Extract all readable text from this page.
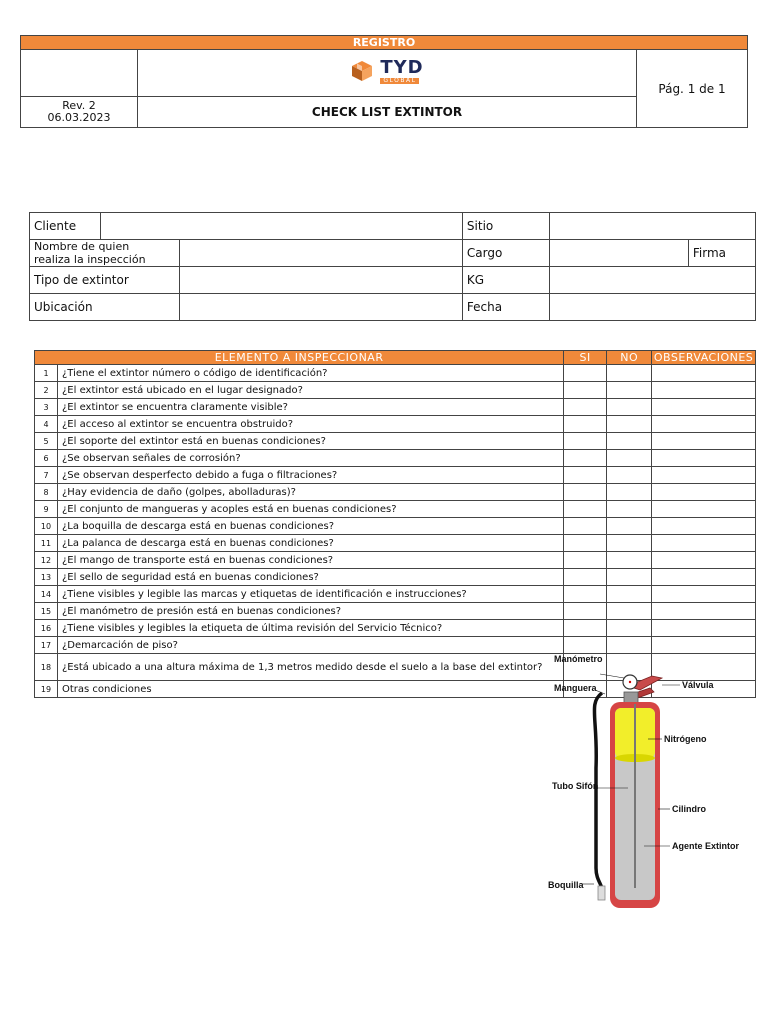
REGISTRO		

	TYD
GLOBAL	Pág. 1 de 1

Rev. 2
06.03.2023	CHECK LIST EXTINTOR	
Cliente			Sitio		

Nombre de quien
realiza la inspección			Cargo		Firma
Tipo de extintor			KG		
Ubicación			Fecha		
ELEMENTO A INSPECCIONAR		SI	NO	OBSERVACIONES
1	¿Tiene el extintor número o código de identificación?			
2	¿El extintor está ubicado en el lugar designado?			
3	¿El extintor se encuentra claramente visible?			
4	¿El acceso al extintor se encuentra obstruido?			
5	¿El soporte del extintor está en buenas condiciones?			
6	¿Se observan señales de corrosión?			
7	¿Se observan desperfecto debido a fuga o filtraciones?			
8	¿Hay evidencia de daño (golpes, abolladuras)?			
9	¿El conjunto de mangueras y acoples está en buenas condiciones?			
10	¿La boquilla de descarga está en buenas condiciones?			
11	¿La palanca de descarga está en buenas condiciones?			
12	¿El mango de transporte está en buenas condiciones?			
13	¿El sello de seguridad está en buenas condiciones?			
14	¿Tiene visibles y legible las marcas y etiquetas de identificación e instrucciones?			
15	¿El manómetro de presión está en buenas condiciones?			
16	¿Tiene visibles y legibles la etiqueta de última revisión del Servicio Técnico?			
17	¿Demarcación de piso?			
18	¿Está ubicado a una altura máxima de 1,3 metros medido desde el suelo a la base del extintor?			
19	Otras condiciones			
Manómetro
Válvula
Manguera
Nitrógeno
Tubo Sifón
Cilindro
Agente Extintor
Boquilla
